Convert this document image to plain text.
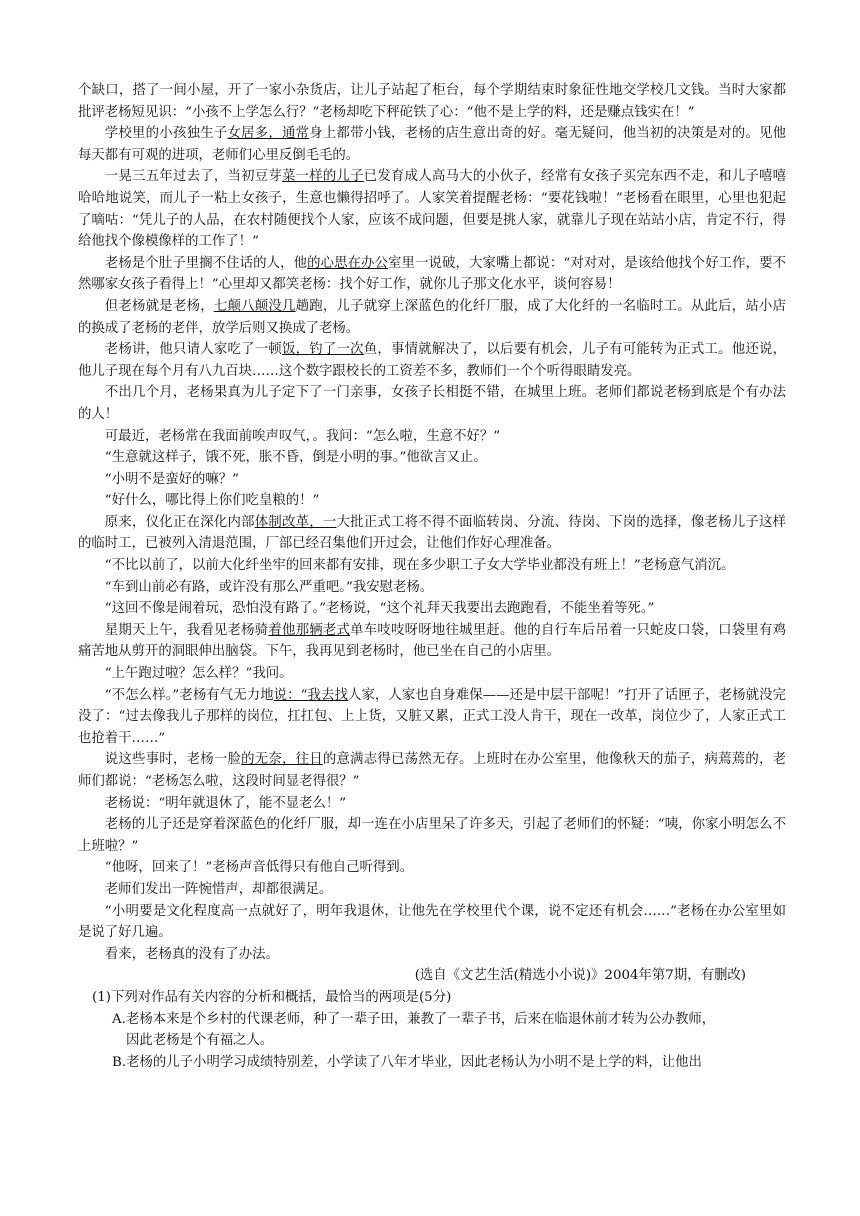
个缺口，搭了一间小屋，开了一家小杂货店，让儿子站起了柜台，每个学期结束时象征性地交学校几文钱。当时大家都批评老杨短见识：“小孩不上学怎么行？”老杨却吃下秤砣铁了心：“他不是上学的料，还是赚点钱实在！”

学校里的小孩独生子女居多，通常身上都带小钱，老杨的店生意出奇的好。毫无疑问，他当初的决策是对的。见他每天都有可观的进项，老师们心里反倒毛毛的。

一晃三五年过去了，当初豆芽菜一样的儿子已发育成人高马大的小伙子，经常有女孩子买完东西不走，和儿子嘻嘻哈哈地说笑，而儿子一粘上女孩子，生意也懒得招呼了。人家笑着提醒老杨：“要花钱啦！”老杨看在眼里，心里也犯起了嘀咕：“凭儿子的人品，在农村随便找个人家，应该不成问题，但要是挑人家，就靠儿子现在站站小店，肯定不行，得给他找个像模像样的工作了！”

老杨是个肚子里搁不住话的人，他的心思在办公室里一说破，大家嘴上都说：“对对对，是该给他找个好工作，要不然哪家女孩子看得上！”心里却又都笑老杨：找个好工作，就你儿子那文化水平，谈何容易！

但老杨就是老杨，七颠八颠没几趟跑，儿子就穿上深蓝色的化纤厂服，成了大化纤的一名临时工。从此后，站小店的换成了老杨的老伴，放学后则又换成了老杨。

老杨讲，他只请人家吃了一顿饭，钓了一次鱼，事情就解决了，以后要有机会，儿子有可能转为正式工。他还说，他儿子现在每个月有八九百块……这个数字跟校长的工资差不多，教师们一个个听得眼睛发亮。

不出几个月，老杨果真为儿子定下了一门亲事，女孩子长相挺不错，在城里上班。老师们都说老杨到底是个有办法的人！

可最近，老杨常在我面前唉声叹气，。我问：“怎么啦，生意不好？”

“生意就这样子，饿不死，胀不昏，倒是小明的事。”他欲言又止。

“小明不是蛮好的嘛？”

“好什么，哪比得上你们吃皇粮的！”

原来，仪化正在深化内部体制改革，一大批正式工将不得不面临转岗、分流、待岗、下岗的选择，像老杨儿子这样的临时工，已被列入清退范围，厂部已经召集他们开过会，让他们作好心理准备。

“不比以前了，以前大化纤坐牢的回来都有安排，现在多少职工子女大学毕业都没有班上！”老杨意气消沉。

“车到山前必有路，或许没有那么严重吧。”我安慰老杨。

“这回不像是闹着玩，恐怕没有路了。”老杨说，“这个礼拜天我要出去跑跑看，不能坐着等死。”

星期天上午，我看见老杨骑着他那辆老式单车吱吱呀呀地往城里赶。他的自行车后吊着一只蛇皮口袋，口袋里有鸡痛苦地从剪开的洞眼伸出脑袋。下午，我再见到老杨时，他已坐在自己的小店里。

“上午跑过啦？怎么样？”我问。

“不怎么样。”老杨有气无力地说：“我去找人家，人家也自身难保——还是中层干部呢！”打开了话匣子，老杨就没完没了：“过去像我儿子那样的岗位，扛扛包、上上货，又脏又累，正式工没人肯干，现在一改革，岗位少了，人家正式工也抢着干……”

说这些事时，老杨一脸的无奈，往日的意满志得已荡然无存。上班时在办公室里，他像秋天的茄子，病蔫蔫的，老师们都说：“老杨怎么啦，这段时间显老得很？”

老杨说：“明年就退休了，能不显老么！”

老杨的儿子还是穿着深蓝色的化纤厂服，却一连在小店里呆了许多天，引起了老师们的怀疑：“咦，你家小明怎么不上班啦？”

“他呀，回来了！”老杨声音低得只有他自己听得到。

老师们发出一阵惋惜声，却都很满足。

“小明要是文化程度高一点就好了，明年我退休，让他先在学校里代个课，说不定还有机会……”老杨在办公室里如是说了好几遍。

看来，老杨真的没有了办法。

(选自《文艺生活(精选小小说)》2004年第7期，有删改)

(1)下列对作品有关内容的分析和概括，最恰当的两项是(5分)

A.老杨本来是个乡村的代课老师，种了一辈子田，兼教了一辈子书，后来在临退休前才转为公办教师，
因此老杨是个有福之人。

B.老杨的儿子小明学习成绩特别差，小学读了八年才毕业，因此老杨认为小明不是上学的料，让他出
